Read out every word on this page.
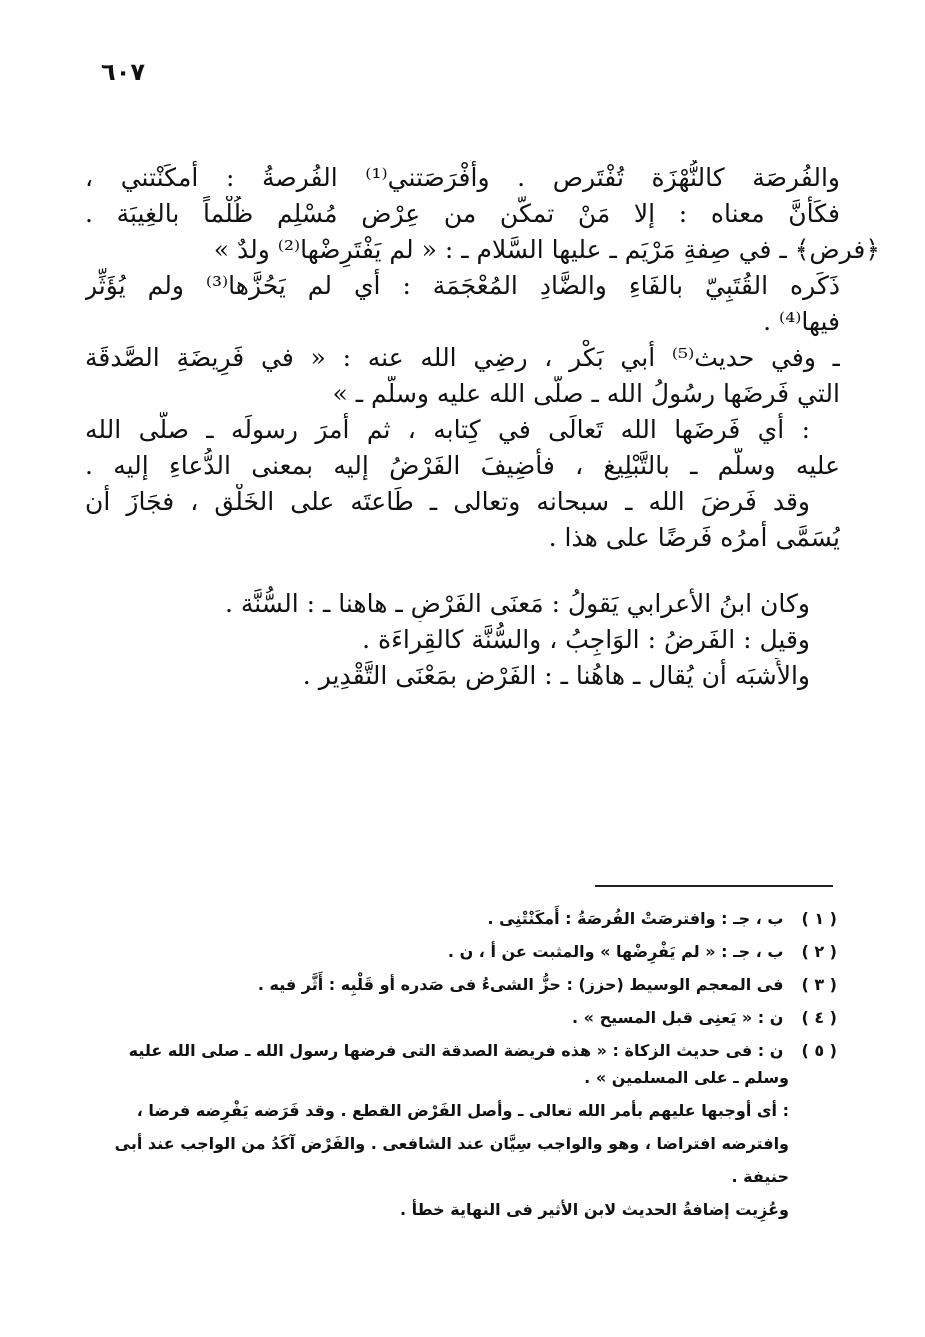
٦٠٧
والفُرصَة كالنُّهْزَة تُفْتَرص . وأَفْرَصَتني⁽¹⁾ الفُرصةُ : أمكَنْتني ،
فكَأَنَّ معناه : إلا مَنْ تمكَّن من عِرْض مُسْلِم ظُلْماً بالغِيبَة .
﴿فرض﴾ ـ في صِفةِ مَرْيَم ـ عليها السَّلام ـ : « لم يَفْتَرِضْها⁽²⁾ ولدٌ »
ذَكَره القُتَبِيّ بالفَاءِ والضَّادِ المُعْجَمَة : أي لم يَحُزَّها⁽³⁾ ولم يُؤَثِّر
فيها⁽⁴⁾ .
ـ وفي حديث⁽⁵⁾ أَبي بَكْر ، رضِي الله عنه : « في فَرِيضَةِ الصَّدقَة
التي فَرضَها رسُولُ الله ـ صلَّى الله عليه وسلَّم ـ »
: أي فَرضَها الله تَعالَى في كِتابه ، ثم أَمرَ رسولَه ـ صلّى الله
عليه وسلّم ـ بالتَّبْلِيغ ، فأُضِيفَ الفَرْضُ إليه بمعنى الدُّعاءِ إليه .
وقد فَرضَ الله ـ سبحانه وتعالى ـ طَاعتَه على الخَلْق ، فجَازَ أن
يُسَمَّى أَمرُه فَرضًا على هذا .
وكان ابنُ الأعرابي يَقولُ : مَعنَى الفَرْضِ ـ هاهنا ـ : السُّنَّة .
وقيل : الفَرضُ : الوَاجِبُ ، والسُّنَّة كالقِراءَة .
والأَشبَه أن يُقال ـ هاهُنا ـ : الفَرْض بمَعْنَى التَّقْدِير .
( ١ ) ب ، جـ : وافترصَتْ الفُرصَةُ : أَمكَنْتْنِى .
( ٢ ) ب ، جـ : « لم يَفْرِضْها » والمثبت عن أ ، ن .
( ٣ ) فى المعجم الوسيط (حزز) : حزُّ الشىءُ فى صَدره أو قَلْبِه : أَثَّر فيه .
( ٤ ) ن : « يَعنِى قبل المسيح » .
( ٥ ) ن : فى حديث الزكاة : « هذه فريضة الصدقة التى فرضها رسول الله ـ صلى الله عليه
وسلم ـ على المسلمين » .
: أى أوجبها عليهم بأمر الله تعالى ـ وأصل الفَرْض القطع . وقد فَرَضه يَفْرِضه فرضا ،
وافترضه افتراضا ، وهو والواجب سِيَّان عند الشافعى . والفَرْض آكَدُ من الواجب عند أبى
حنيفة .
وعُزِيت إضافةُ الحديث لابن الأثير فى النهاية خطأ .
